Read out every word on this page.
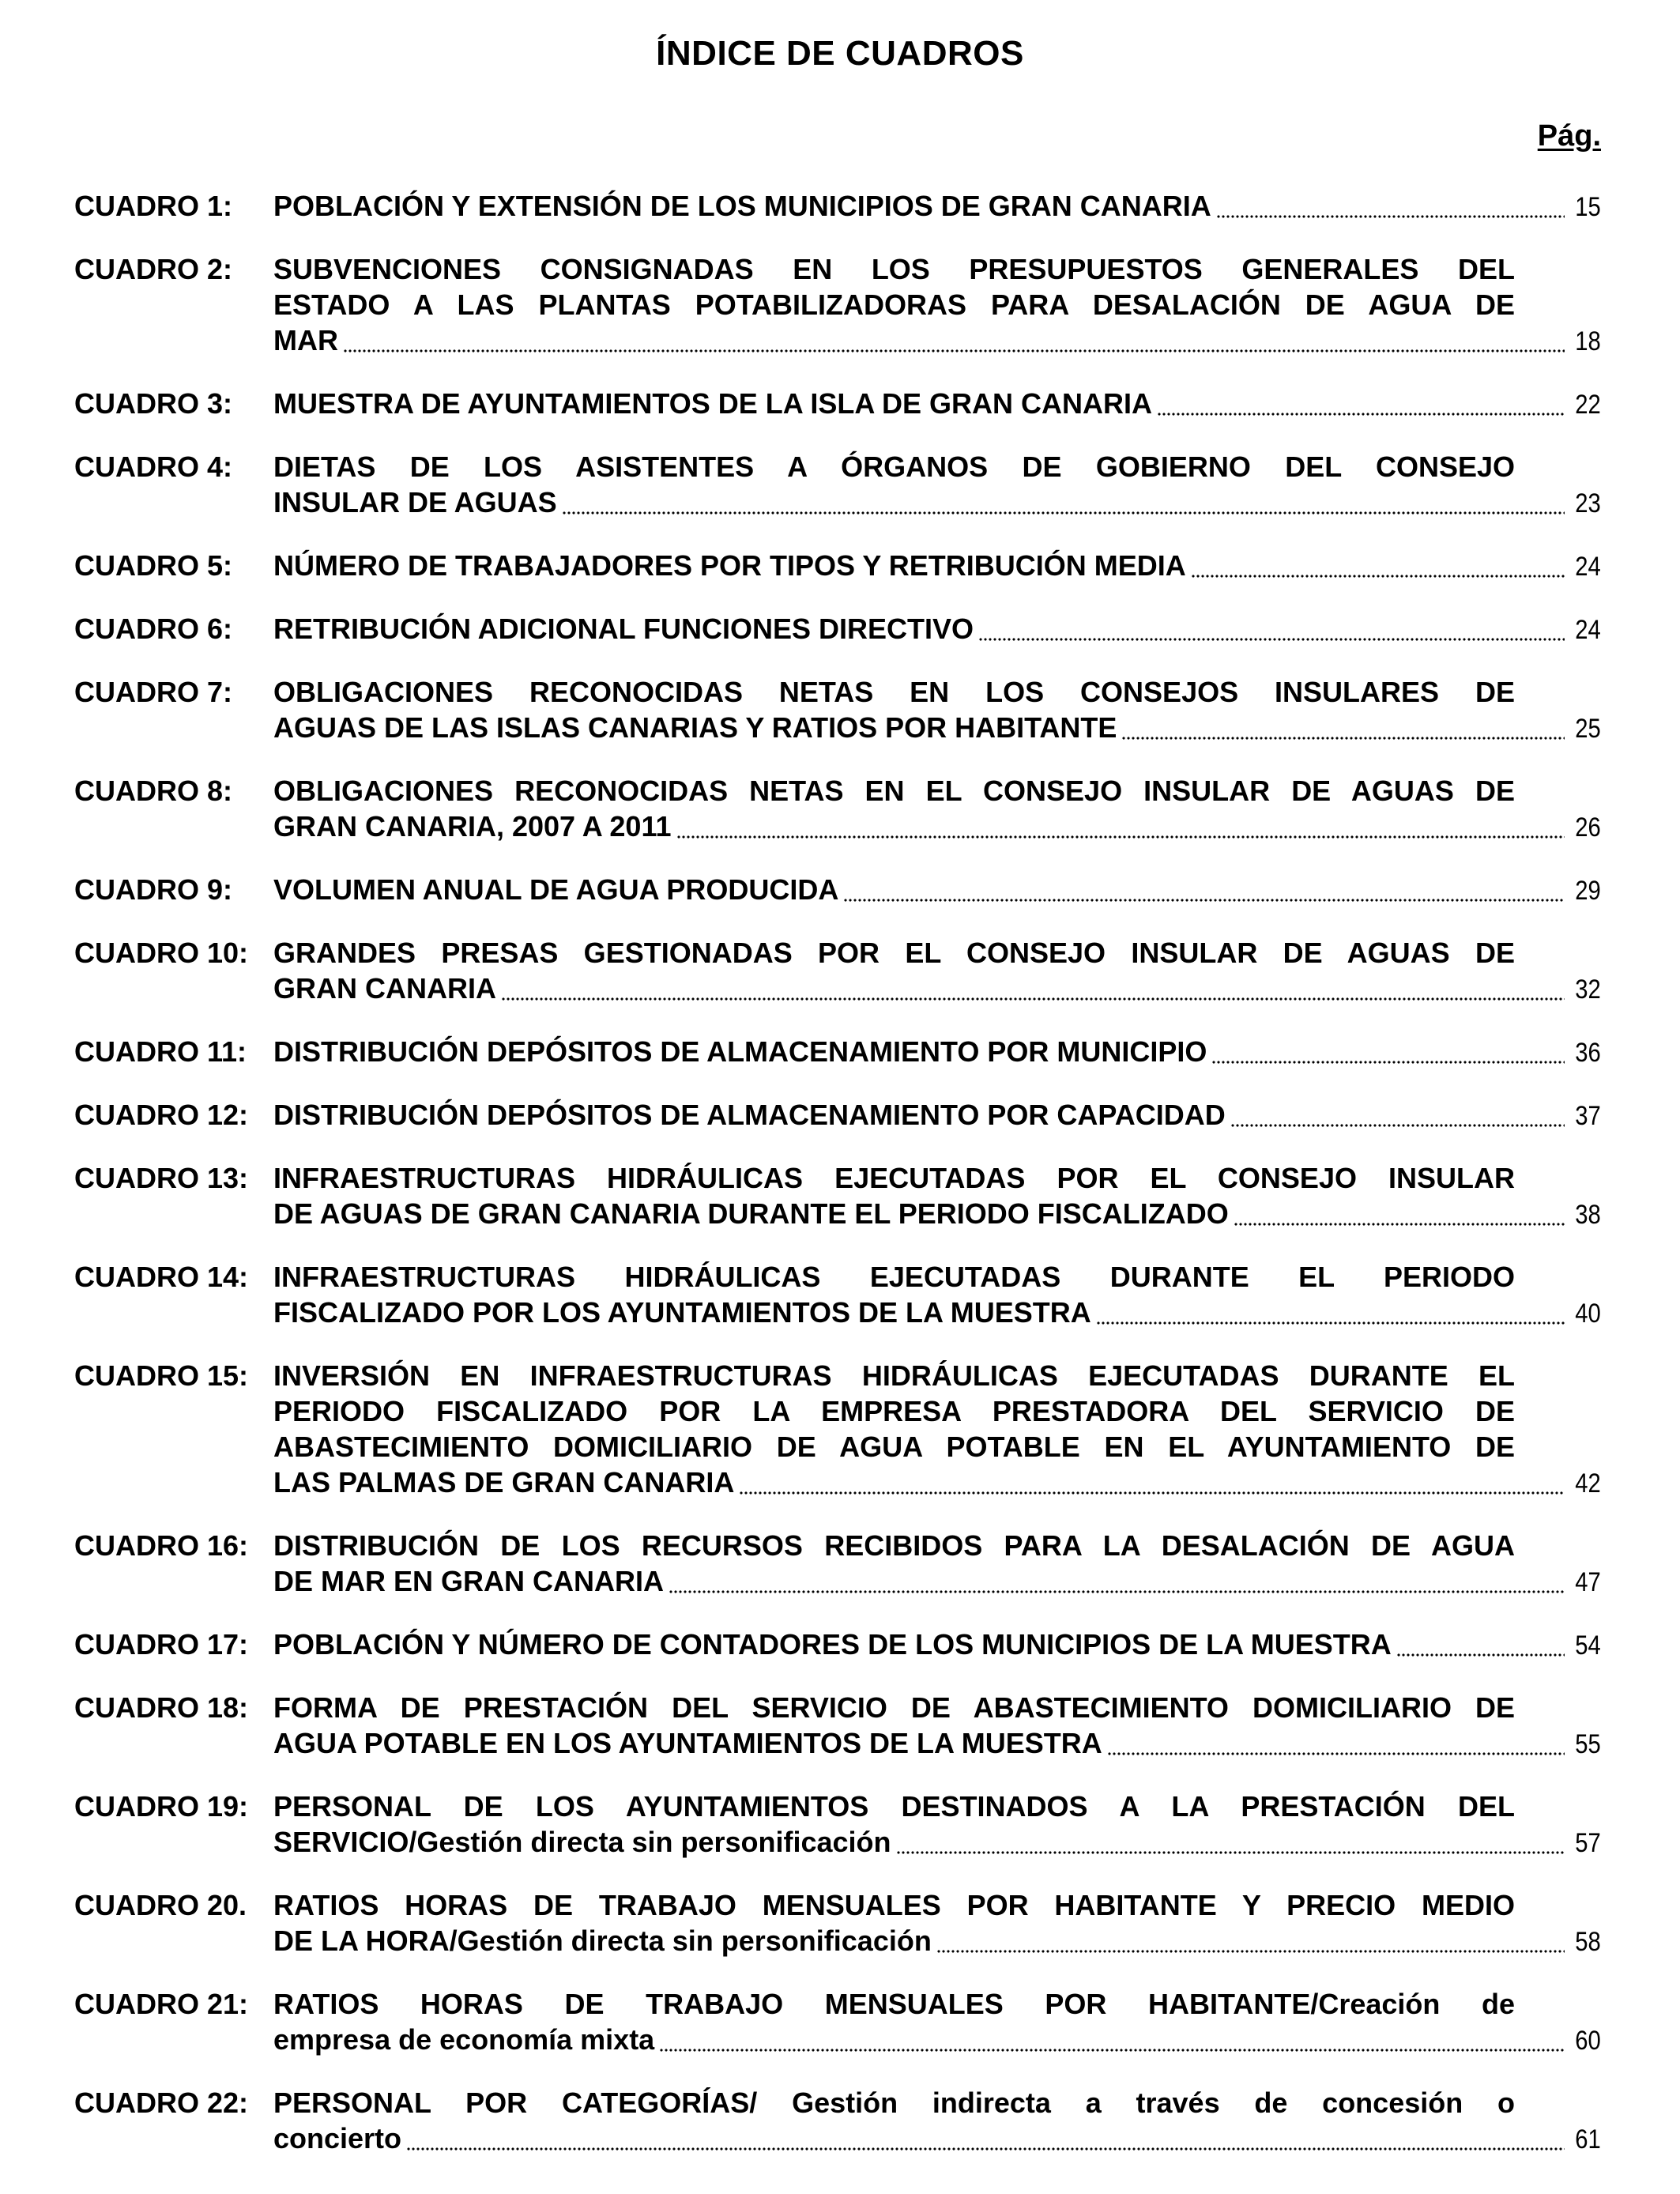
ÍNDICE DE CUADROS
Pág.
CUADRO 1:	POBLACIÓN Y EXTENSIÓN DE LOS MUNICIPIOS DE GRAN CANARIA	15
CUADRO 2:	SUBVENCIONES CONSIGNADAS EN LOS PRESUPUESTOS GENERALES DEL
ESTADO A LAS PLANTAS POTABILIZADORAS PARA DESALACIÓN DE AGUA DE
MAR	18
CUADRO 3:	MUESTRA DE AYUNTAMIENTOS DE LA ISLA DE GRAN CANARIA	22
CUADRO 4:	DIETAS DE LOS ASISTENTES A ÓRGANOS DE GOBIERNO DEL CONSEJO
INSULAR DE AGUAS	23
CUADRO 5:	NÚMERO DE TRABAJADORES POR TIPOS Y RETRIBUCIÓN MEDIA	24
CUADRO 6:	RETRIBUCIÓN ADICIONAL FUNCIONES DIRECTIVO	24
CUADRO 7:	OBLIGACIONES RECONOCIDAS NETAS EN LOS CONSEJOS INSULARES DE
AGUAS DE LAS ISLAS CANARIAS Y RATIOS POR HABITANTE	25
CUADRO 8:	OBLIGACIONES RECONOCIDAS NETAS EN EL CONSEJO INSULAR DE AGUAS DE
GRAN CANARIA, 2007 A 2011	26
CUADRO 9:	VOLUMEN ANUAL DE AGUA PRODUCIDA	29
CUADRO 10: GRANDES PRESAS GESTIONADAS POR EL CONSEJO INSULAR DE AGUAS DE
GRAN CANARIA	32
CUADRO 11: DISTRIBUCIÓN DEPÓSITOS DE ALMACENAMIENTO POR MUNICIPIO	36
CUADRO 12: DISTRIBUCIÓN DEPÓSITOS DE ALMACENAMIENTO POR CAPACIDAD	37
CUADRO 13: INFRAESTRUCTURAS HIDRÁULICAS EJECUTADAS POR EL CONSEJO INSULAR
DE AGUAS DE GRAN CANARIA DURANTE EL PERIODO FISCALIZADO	38
CUADRO 14: INFRAESTRUCTURAS HIDRÁULICAS EJECUTADAS DURANTE EL PERIODO
FISCALIZADO POR LOS AYUNTAMIENTOS DE LA MUESTRA	40
CUADRO 15: INVERSIÓN EN INFRAESTRUCTURAS HIDRÁULICAS EJECUTADAS DURANTE EL
PERIODO FISCALIZADO POR LA EMPRESA PRESTADORA DEL SERVICIO DE
ABASTECIMIENTO DOMICILIARIO DE AGUA POTABLE EN EL AYUNTAMIENTO DE
LAS PALMAS DE GRAN CANARIA	42
CUADRO 16: DISTRIBUCIÓN DE LOS RECURSOS RECIBIDOS PARA LA DESALACIÓN DE AGUA
DE MAR EN GRAN CANARIA	47
CUADRO 17: POBLACIÓN Y NÚMERO DE CONTADORES DE LOS MUNICIPIOS DE LA MUESTRA	54
CUADRO 18: FORMA DE PRESTACIÓN DEL SERVICIO DE ABASTECIMIENTO DOMICILIARIO DE
AGUA POTABLE EN LOS AYUNTAMIENTOS DE LA MUESTRA	55
CUADRO 19: PERSONAL DE LOS AYUNTAMIENTOS DESTINADOS A LA PRESTACIÓN DEL
SERVICIO/Gestión directa sin personificación	57
CUADRO 20. RATIOS HORAS DE TRABAJO MENSUALES POR HABITANTE Y PRECIO MEDIO
DE LA HORA/Gestión directa sin personificación	58
CUADRO 21: RATIOS HORAS DE TRABAJO MENSUALES POR HABITANTE/Creación de
empresa de economía mixta	60
CUADRO 22: PERSONAL POR CATEGORÍAS/ Gestión indirecta a través de concesión o
concierto	61
